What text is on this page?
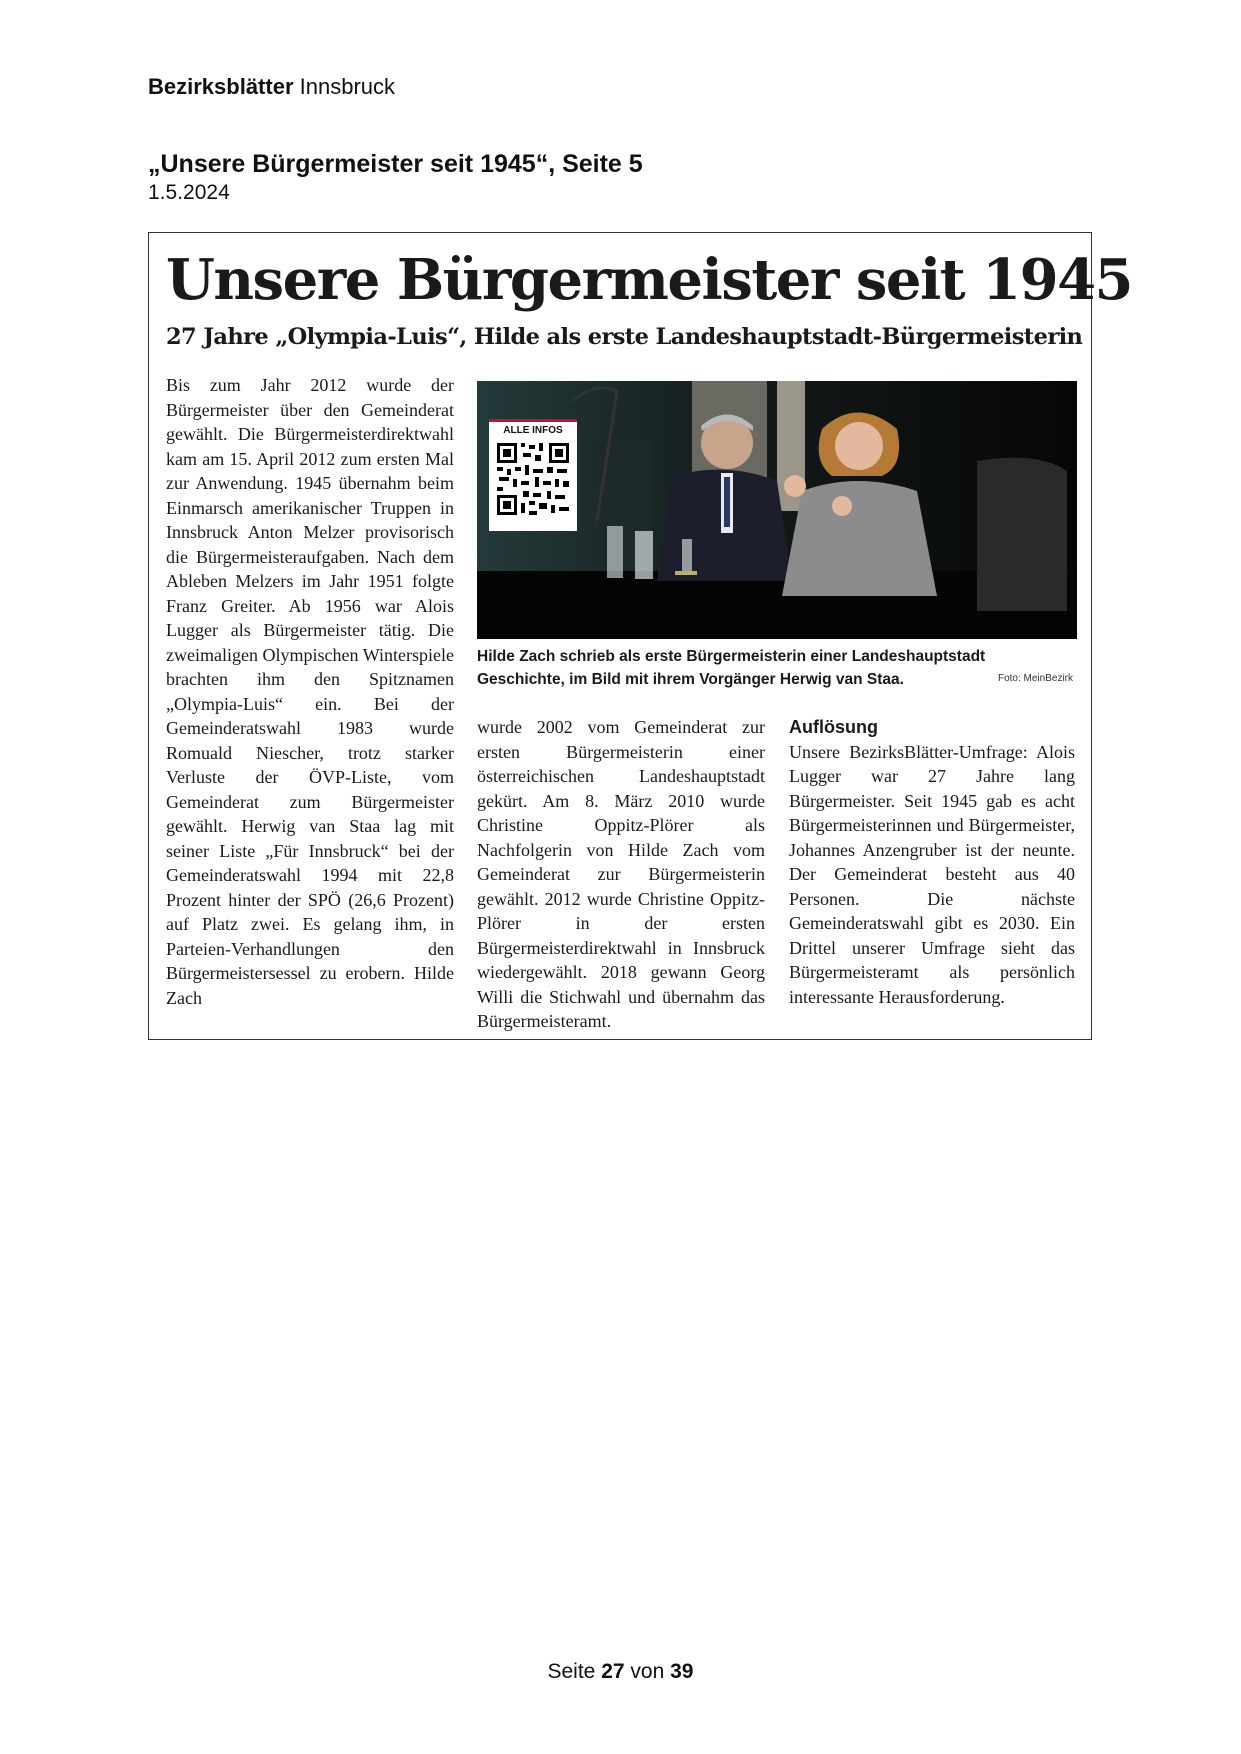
Bezirksblätter Innsbruck
„Unsere Bürgermeister seit 1945“, Seite 5
1.5.2024
Unsere Bürgermeister seit 1945
27 Jahre „Olympia-Luis“, Hilde als erste Landeshauptstadt-Bürgermeisterin

Bis zum Jahr 2012 wurde der Bürgermeister über den Gemeinderat gewählt. Die Bürgermeisterdirektwahl kam am 15. April 2012 zum ersten Mal zur Anwendung. 1945 übernahm beim Einmarsch amerikanischer Truppen in Innsbruck Anton Melzer provisorisch die Bürgermeisteraufgaben. Nach dem Ableben Melzers im Jahr 1951 folgte Franz Greiter. Ab 1956 war Alois Lugger als Bürgermeister tätig. Die zweimaligen Olympischen Winterspiele brachten ihm den Spitznamen „Olympia-Luis“ ein. Bei der Gemeinderatswahl 1983 wurde Romuald Niescher, trotz starker Verluste der ÖVP-Liste, vom Gemeinderat zum Bürgermeister gewählt. Herwig van Staa lag mit seiner Liste „Für Innsbruck“ bei der Gemeinderatswahl 1994 mit 22,8 Prozent hinter der SPÖ (26,6 Prozent) auf Platz zwei. Es gelang ihm, in Parteien-Verhandlungen den Bürgermeistersessel zu erobern. Hilde Zach

ALLE INFOS
Hilde Zach schrieb als erste Bürgermeisterin einer Landeshauptstadt Geschichte, im Bild mit ihrem Vorgänger Herwig van Staa.	Foto: MeinBezirk

wurde 2002 vom Gemeinderat zur ersten Bürgermeisterin einer österreichischen Landeshauptstadt gekürt. Am 8. März 2010 wurde Christine Oppitz-Plörer als Nachfolgerin von Hilde Zach vom Gemeinderat zur Bürgermeisterin gewählt. 2012 wurde Christine Oppitz-Plörer in der ersten Bürgermeisterdirektwahl in Innsbruck wiedergewählt. 2018 gewann Georg Willi die Stichwahl und übernahm das Bürgermeisteramt.

Auflösung

Unsere BezirksBlätter-Umfrage: Alois Lugger war 27 Jahre lang Bürgermeister. Seit 1945 gab es acht Bürgermeisterinnen und Bürgermeister, Johannes Anzengruber ist der neunte. Der Gemeinderat besteht aus 40 Personen. Die nächste Gemeinderatswahl gibt es 2030. Ein Drittel unserer Umfrage sieht das Bürgermeisteramt als persönlich interessante Herausforderung.

Seite 27 von 39
